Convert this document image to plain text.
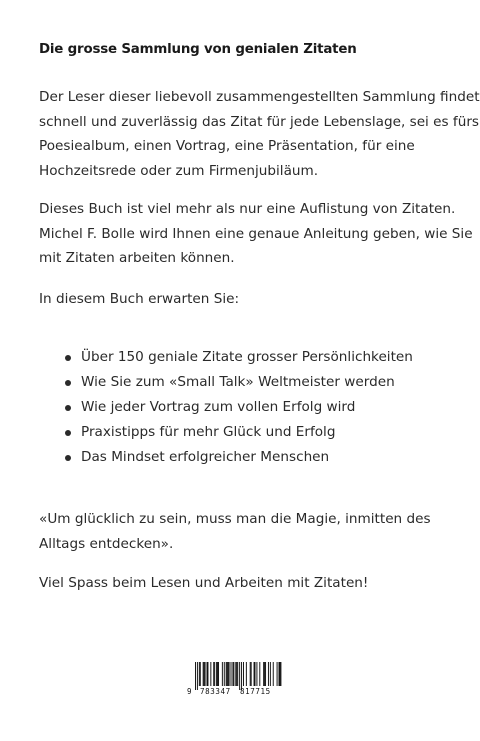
Die grosse Sammlung von genialen Zitaten
Der Leser dieser liebevoll zusammengestellten Sammlung findet
schnell und zuverlässig das Zitat für jede Lebenslage, sei es fürs
Poesiealbum, einen Vortrag, eine Präsentation, für eine
Hochzeitsrede oder zum Firmenjubiläum.
Dieses Buch ist viel mehr als nur eine Auflistung von Zitaten.
Michel F. Bolle wird Ihnen eine genaue Anleitung geben, wie Sie
mit Zitaten arbeiten können.
In diesem Buch erwarten Sie:
Über 150 geniale Zitate grosser Persönlichkeiten
Wie Sie zum «Small Talk» Weltmeister werden
Wie jeder Vortrag zum vollen Erfolg wird
Praxistipps für mehr Glück und Erfolg
Das Mindset erfolgreicher Menschen
«Um glücklich zu sein, muss man die Magie, inmitten des
Alltags entdecken».
Viel Spass beim Lesen und Arbeiten mit Zitaten!
9 783347 817715
